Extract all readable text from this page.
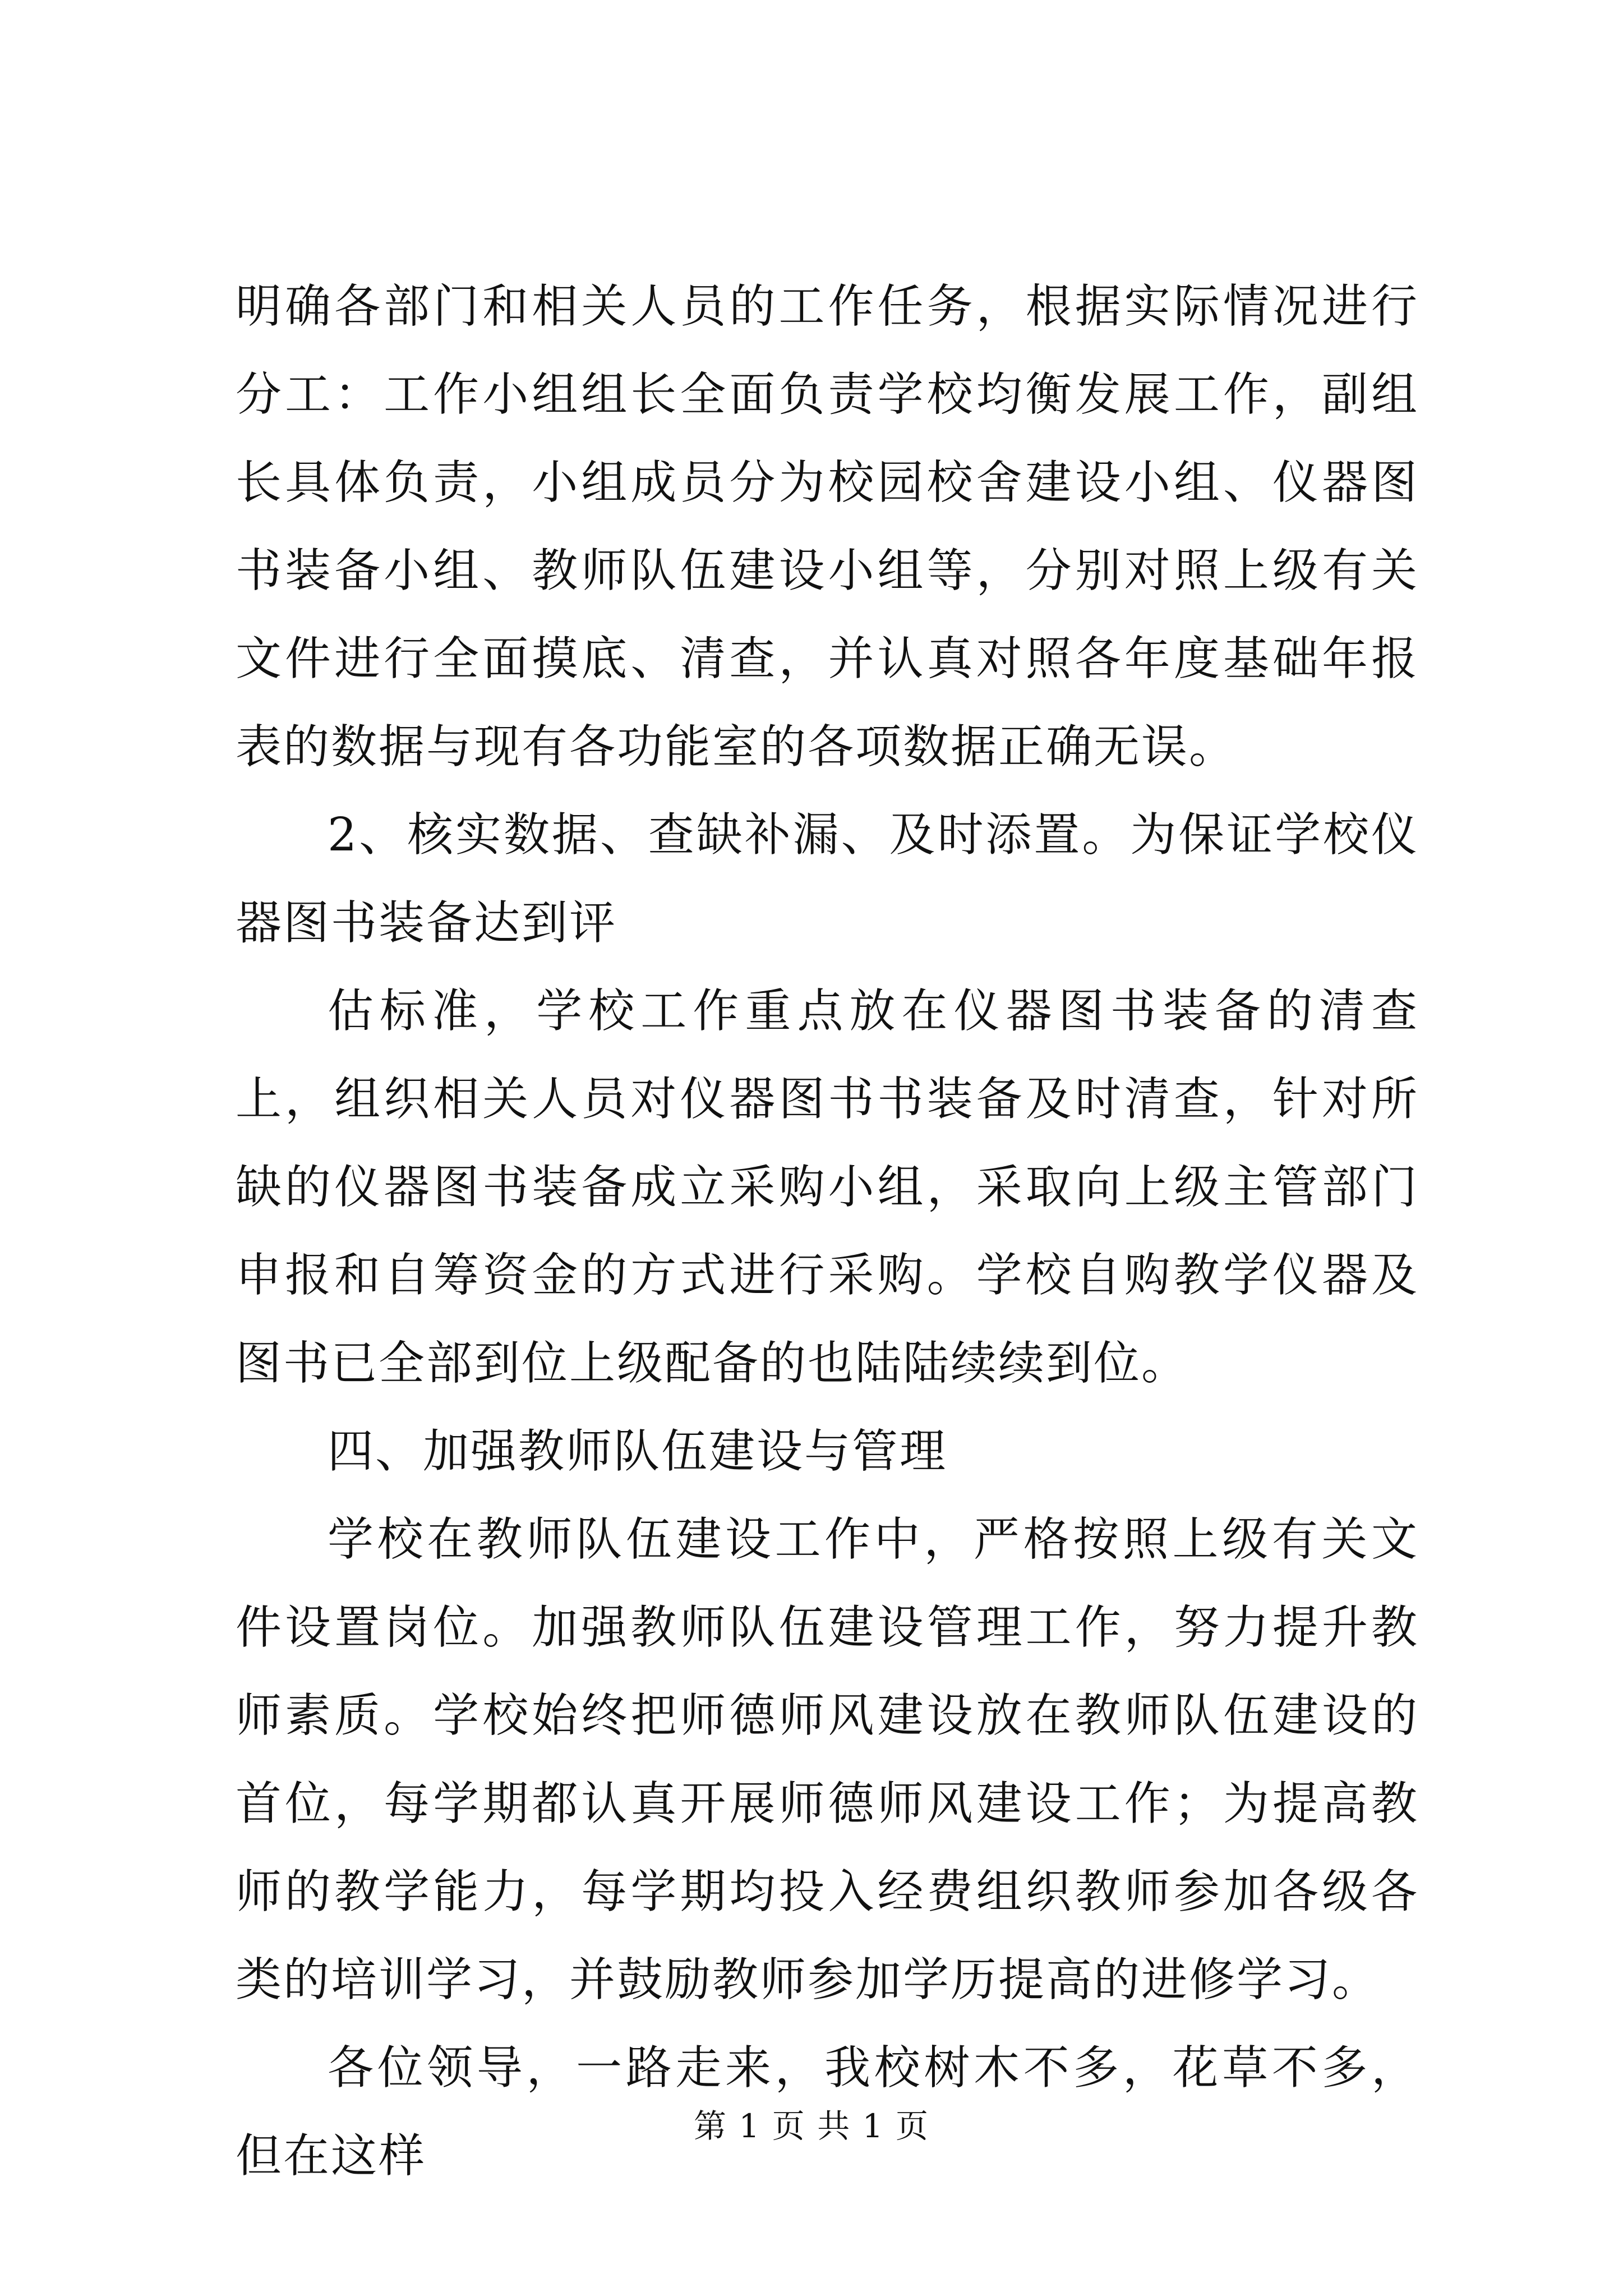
明确各部门和相关人员的工作任务，根据实际情况进行分工：工作小组组长全面负责学校均衡发展工作，副组长具体负责，小组成员分为校园校舍建设小组、仪器图书装备小组、教师队伍建设小组等，分别对照上级有关文件进行全面摸底、清查，并认真对照各年度基础年报表的数据与现有各功能室的各项数据正确无误。

2、核实数据、查缺补漏、及时添置。为保证学校仪器图书装备达到评

估标准，学校工作重点放在仪器图书装备的清查上，组织相关人员对仪器图书书装备及时清查，针对所缺的仪器图书装备成立采购小组，采取向上级主管部门申报和自筹资金的方式进行采购。学校自购教学仪器及图书已全部到位上级配备的也陆陆续续到位。

四、加强教师队伍建设与管理

学校在教师队伍建设工作中，严格按照上级有关文件设置岗位。加强教师队伍建设管理工作，努力提升教师素质。学校始终把师德师风建设放在教师队伍建设的首位，每学期都认真开展师德师风建设工作；为提高教师的教学能力，每学期均投入经费组织教师参加各级各类的培训学习，并鼓励教师参加学历提高的进修学习。

各位领导，一路走来，我校树木不多，花草不多，但在这样

第 1 页 共 1 页
